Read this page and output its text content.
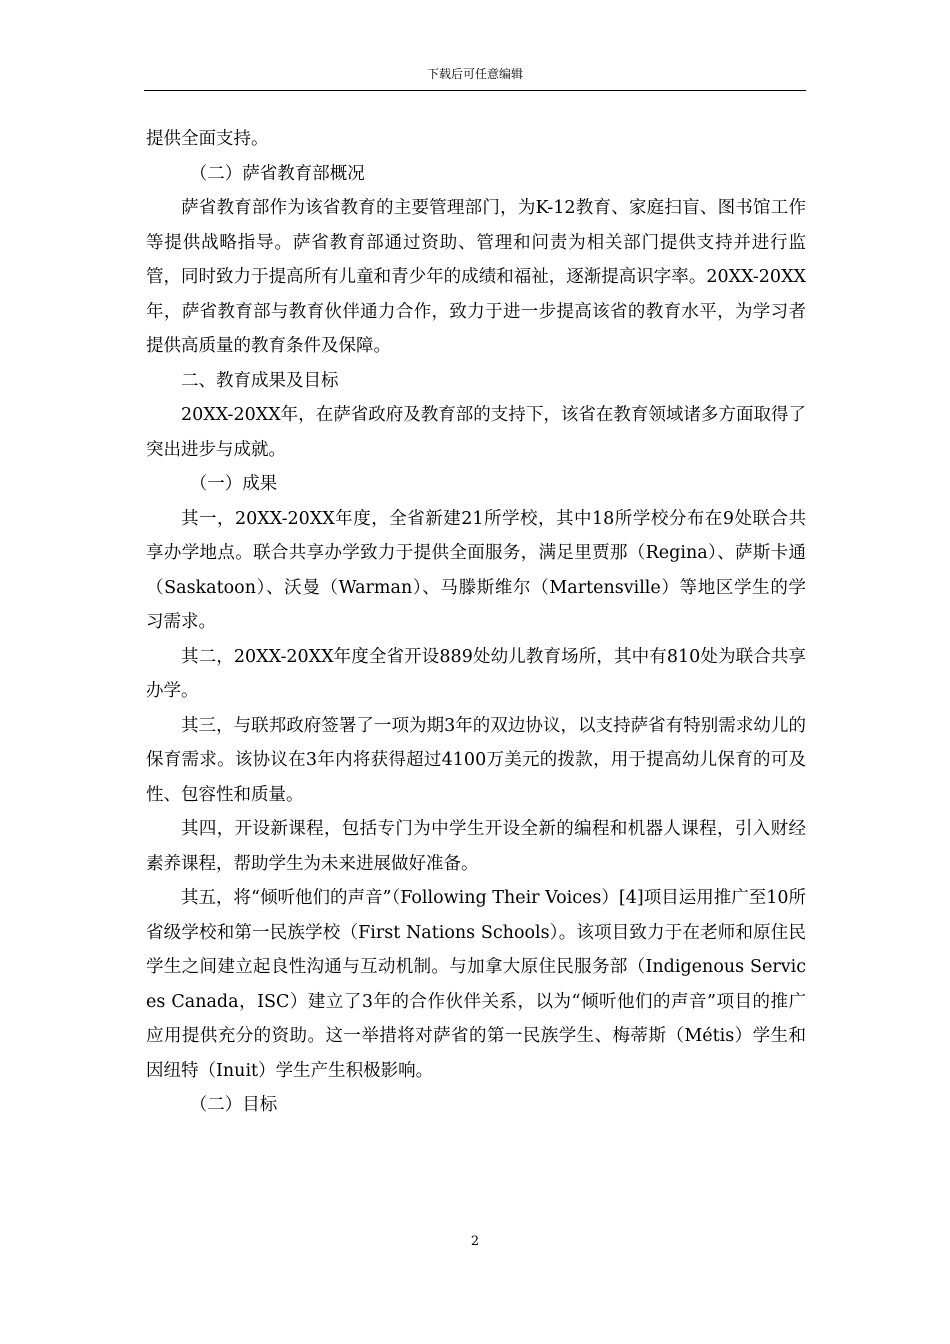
下载后可任意编辑

提供全面支持。

（二）萨省教育部概况

萨省教育部作为该省教育的主要管理部门，为K-12教育、家庭扫盲、图书馆工作等提供战略指导。萨省教育部通过资助、管理和问责为相关部门提供支持并进行监管，同时致力于提高所有儿童和青少年的成绩和福祉，逐渐提高识字率。20XX-20XX年，萨省教育部与教育伙伴通力合作，致力于进一步提高该省的教育水平，为学习者提供高质量的教育条件及保障。

二、教育成果及目标

20XX-20XX年，在萨省政府及教育部的支持下，该省在教育领域诸多方面取得了突出进步与成就。

（一）成果

其一，20XX-20XX年度，全省新建21所学校，其中18所学校分布在9处联合共享办学地点。联合共享办学致力于提供全面服务，满足里贾那（Regina）、萨斯卡通（Saskatoon）、沃曼（Warman）、马滕斯维尔（Martensville）等地区学生的学习需求。

其二，20XX-20XX年度全省开设889处幼儿教育场所，其中有810处为联合共享办学。

其三，与联邦政府签署了一项为期3年的双边协议，以支持萨省有特别需求幼儿的保育需求。该协议在3年内将获得超过4100万美元的拨款，用于提高幼儿保育的可及性、包容性和质量。

其四，开设新课程，包括专门为中学生开设全新的编程和机器人课程，引入财经素养课程，帮助学生为未来进展做好准备。

其五，将“倾听他们的声音”（Following Their Voices）[4]项目运用推广至10所省级学校和第一民族学校（First Nations Schools）。该项目致力于在老师和原住民学生之间建立起良性沟通与互动机制。与加拿大原住民服务部（Indigenous Services Canada，ISC）建立了3年的合作伙伴关系，以为“倾听他们的声音”项目的推广应用提供充分的资助。这一举措将对萨省的第一民族学生、梅蒂斯（Métis）学生和因纽特（Inuit）学生产生积极影响。

（二）目标

2
